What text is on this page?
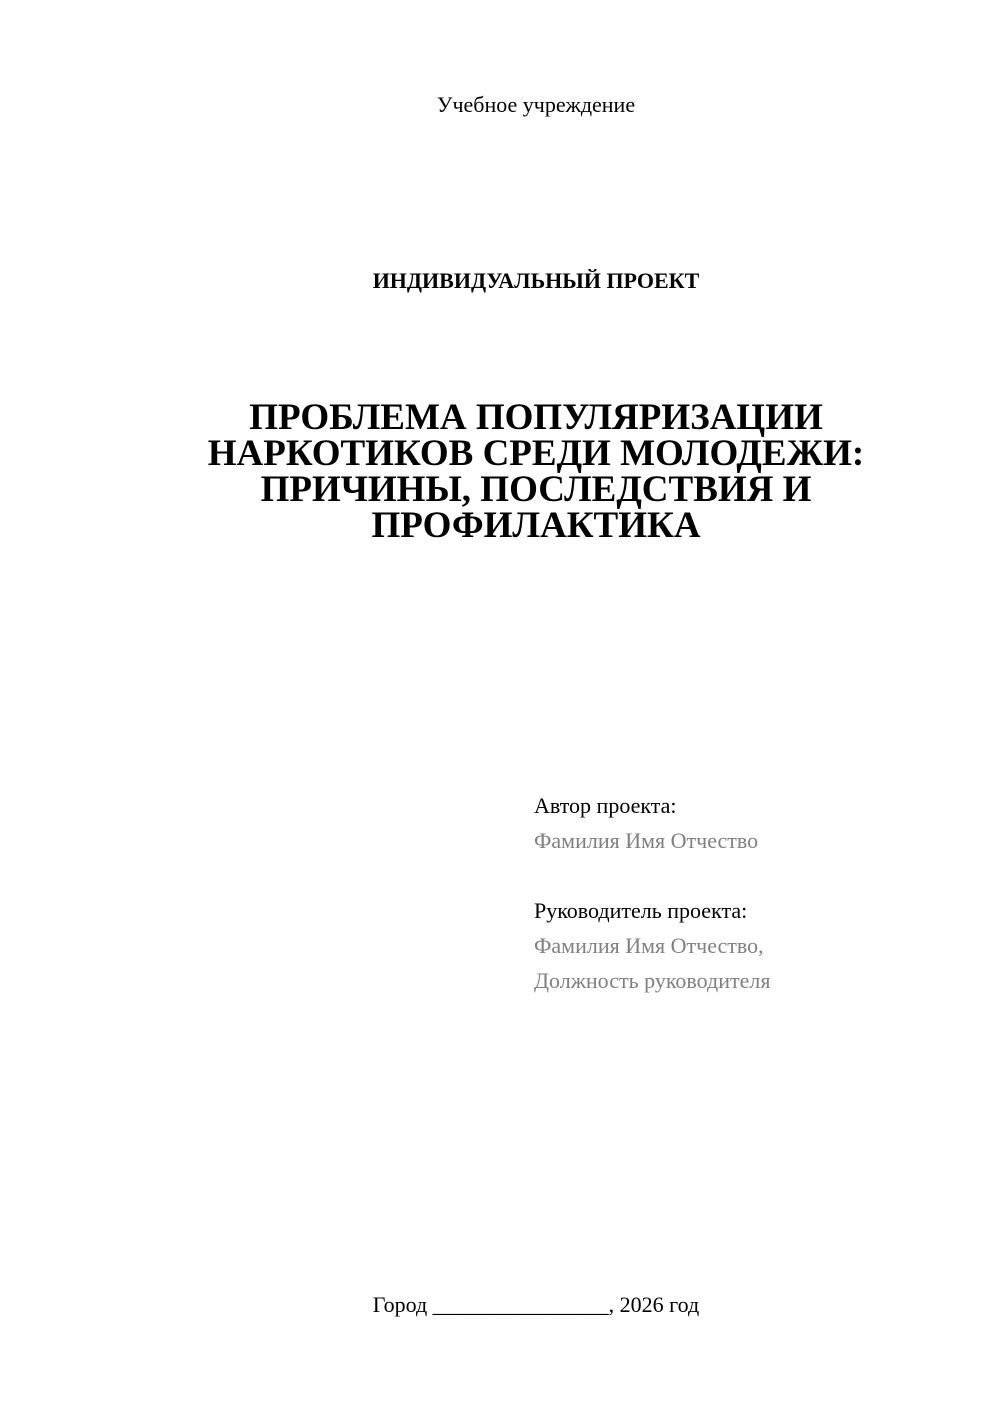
Учебное учреждение
ИНДИВИДУАЛЬНЫЙ ПРОЕКТ
ПРОБЛЕМА ПОПУЛЯРИЗАЦИИ
НАРКОТИКОВ СРЕДИ МОЛОДЕЖИ:
ПРИЧИНЫ, ПОСЛЕДСТВИЯ И
ПРОФИЛАКТИКА
Автор проекта:
Фамилия Имя Отчество
Руководитель проекта:
Фамилия Имя Отчество,
Должность руководителя
Город ________________, 2026 год
